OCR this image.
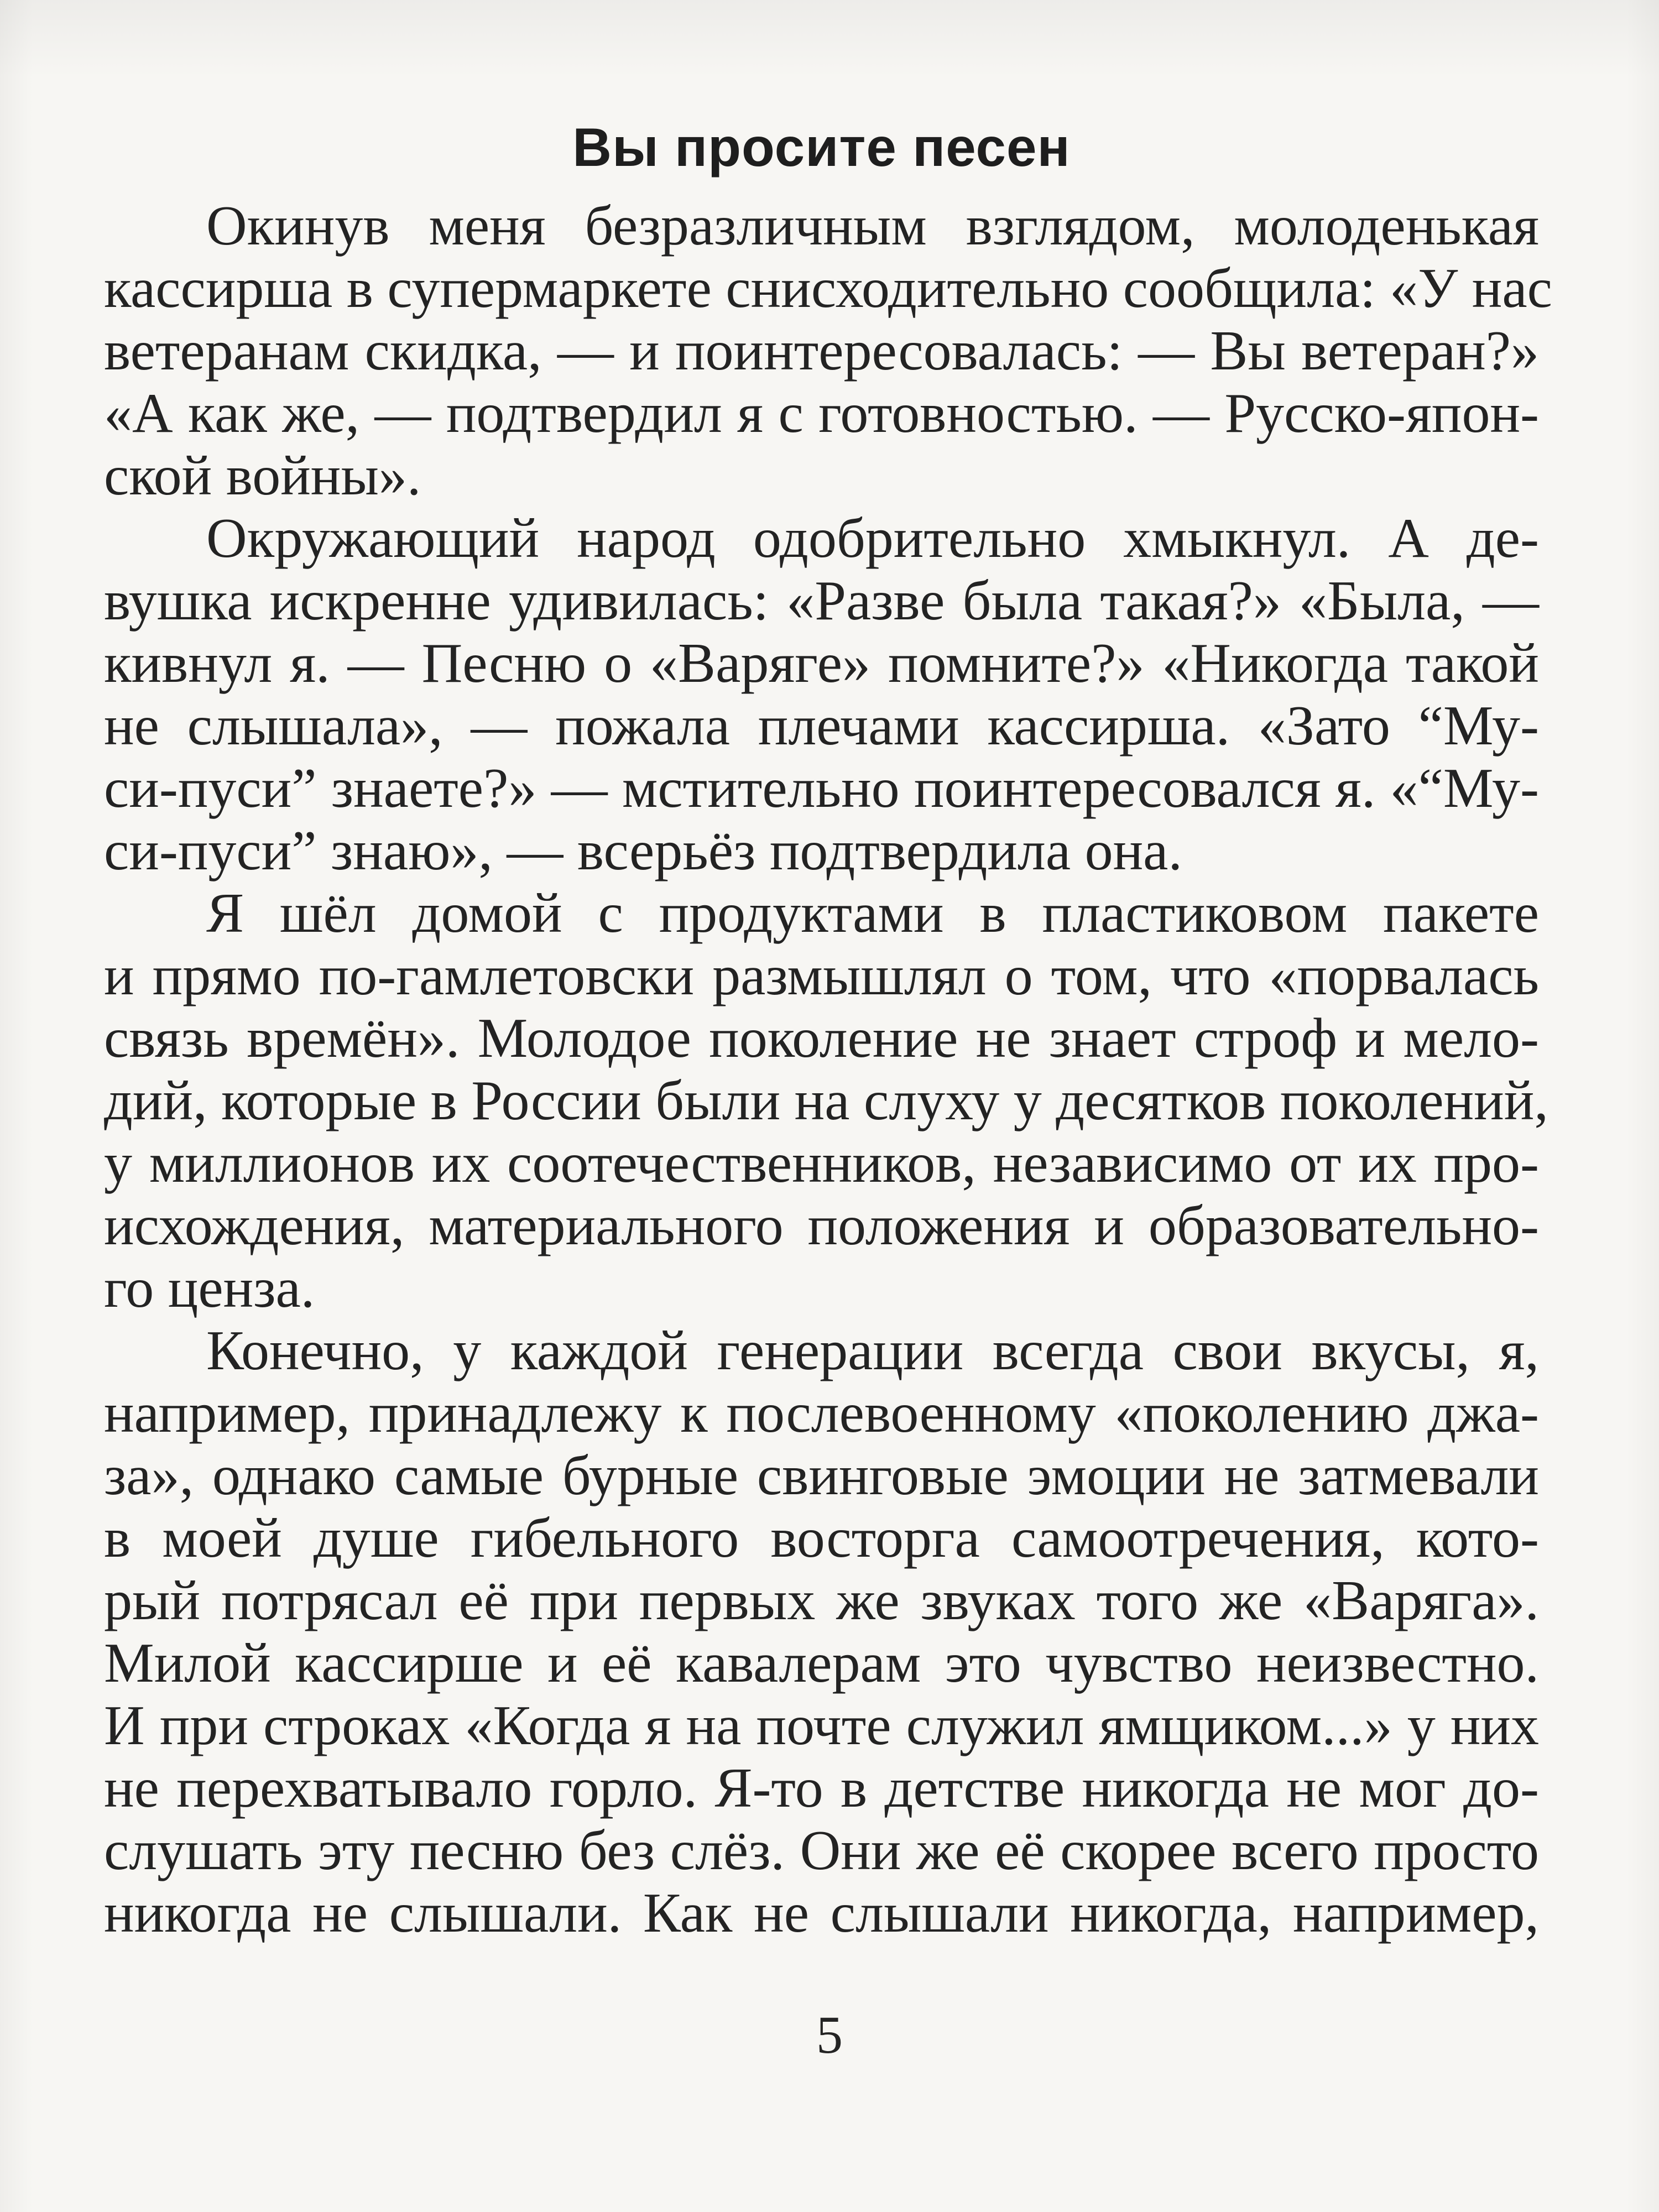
Вы просите песен

Окинув меня безразличным взглядом, молоденькая
кассирша в супермаркете снисходительно сообщила: «У нас
ветеранам скидка, — и поинтересовалась: — Вы ветеран?»
«А как же, — подтвердил я с готовностью. — Русско-япон-
ской войны».

Окружающий народ одобрительно хмыкнул. А де-
вушка искренне удивилась: «Разве была такая?» «Была, —
кивнул я. — Песню о «Варяге» помните?» «Никогда такой
не слышала», — пожала плечами кассирша. «Зато “Му-
си-пуси” знаете?» — мстительно поинтересовался я. «“Му-
си-пуси” знаю», — всерьёз подтвердила она.

Я шёл домой с продуктами в пластиковом пакете
и прямо по-гамлетовски размышлял о том, что «порвалась
связь времён». Молодое поколение не знает строф и мело-
дий, которые в России были на слуху у десятков поколений,
у миллионов их соотечественников, независимо от их про-
исхождения, материального положения и образовательно-
го ценза.

Конечно, у каждой генерации всегда свои вкусы, я,
например, принадлежу к послевоенному «поколению джа-
за», однако самые бурные свинговые эмоции не затмевали
в моей душе гибельного восторга самоотречения, кото-
рый потрясал её при первых же звуках того же «Варяга».
Милой кассирше и её кавалерам это чувство неизвестно.
И при строках «Когда я на почте служил ямщиком...» у них
не перехватывало горло. Я-то в детстве никогда не мог до-
слушать эту песню без слёз. Они же её скорее всего просто
никогда не слышали. Как не слышали никогда, например,

5
